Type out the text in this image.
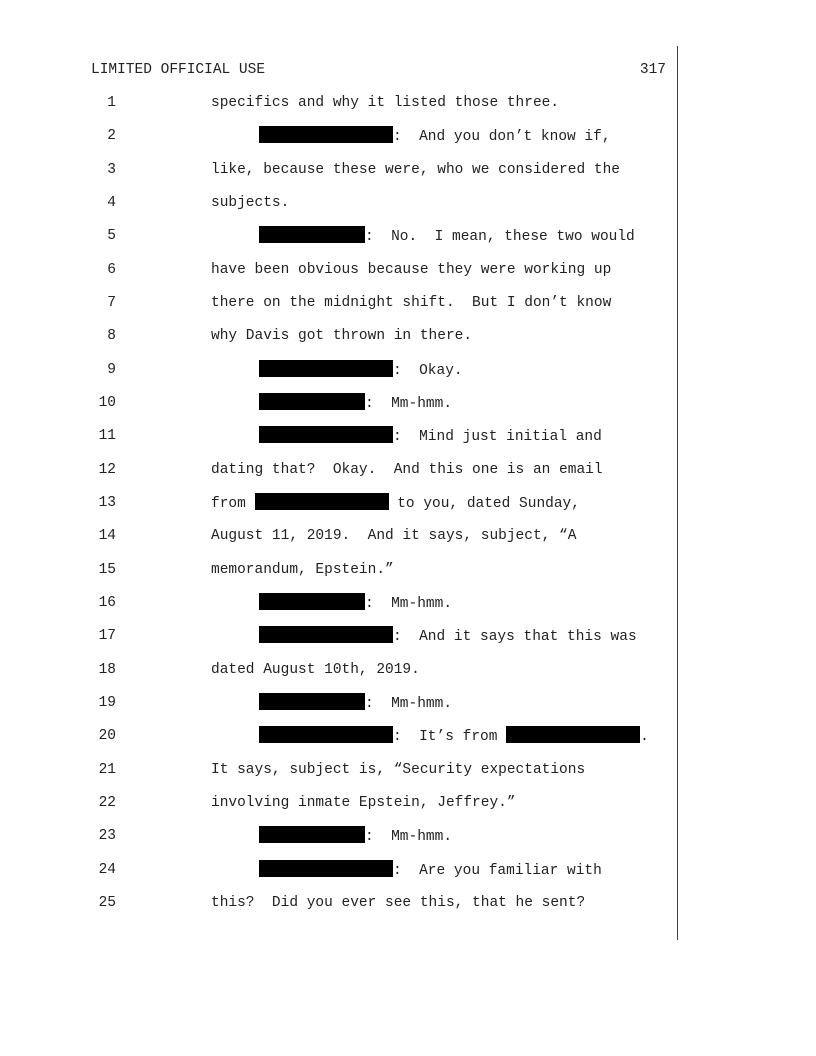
LIMITED OFFICIAL USE	317

1

	specifics and why it listed those three.

2

	:  And you don’t know if,

3

	like, because these were, who we considered the

4

	subjects.

5

	:  No.  I mean, these two would

6

	have been obvious because they were working up

7

	there on the midnight shift.  But I don’t know

8

	why Davis got thrown in there.

9

	:  Okay.

10

	:  Mm-hmm.

11

	:  Mind just initial and

12

	dating that?  Okay.  And this one is an email

13

	from	to you, dated Sunday,

14

	August 11, 2019.  And it says, subject, “A

15

	memorandum, Epstein.”

16

	:  Mm-hmm.

17

	:  And it says that this was

18

	dated August 10th, 2019.

19

	:  Mm-hmm.

20

	:  It’s from	.

21

	It says, subject is, “Security expectations

22

	involving inmate Epstein, Jeffrey.”

23

	:  Mm-hmm.

24

	:  Are you familiar with

25

	this?  Did you ever see this, that he sent?
